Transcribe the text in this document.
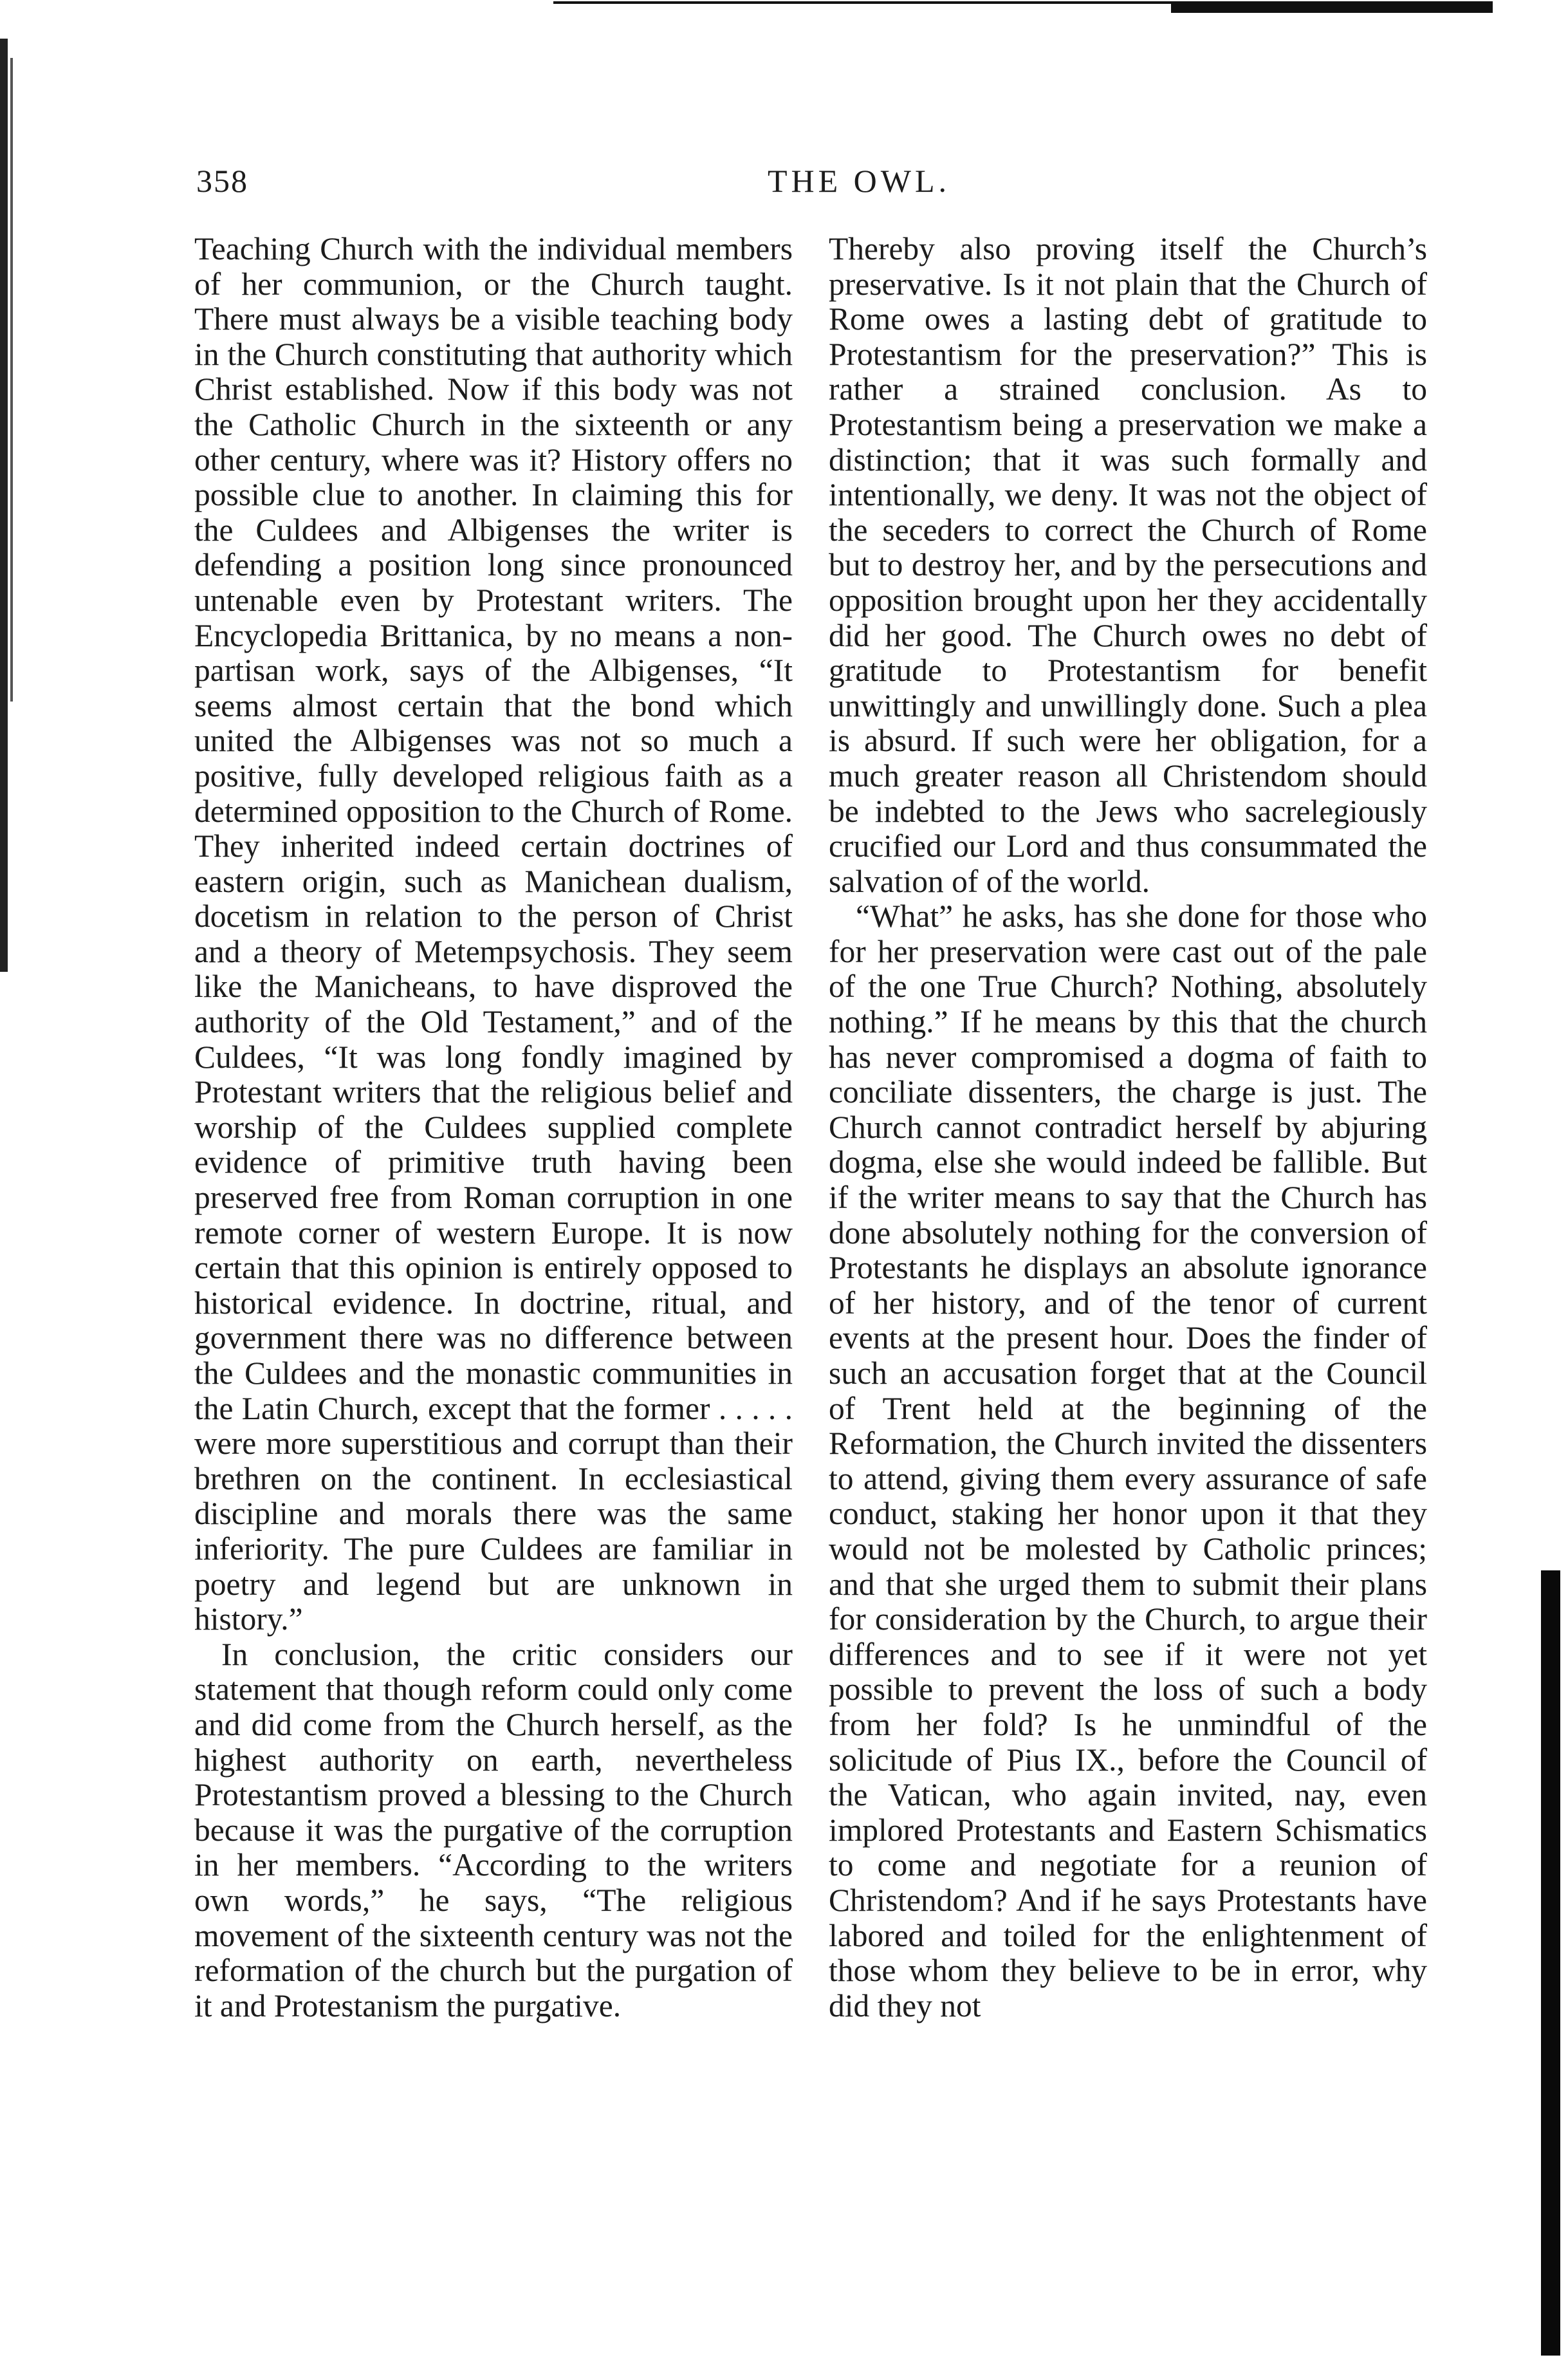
358	THE OWL.

Teaching Church with the individual members of her communion, or the Church taught. There must always be a visible teaching body in the Church constituting that authority which Christ established. Now if this body was not the Catholic Church in the sixteenth or any other century, where was it? History offers no possible clue to another. In claiming this for the Culdees and Albigenses the writer is defending a position long since pronounced untenable even by Protestant writers. The Encyclopedia Brittanica, by no means a non-partisan work, says of the Albigenses, “It seems almost certain that the bond which united the Albigenses was not so much a positive, fully developed religious faith as a determined opposition to the Church of Rome. They inherited indeed certain doctrines of eastern origin, such as Manichean dualism, docetism in relation to the person of Christ and a theory of Metempsychosis. They seem like the Manicheans, to have disproved the authority of the Old Testament,” and of the Culdees, “It was long fondly imagined by Protestant writers that the religious belief and worship of the Culdees supplied complete evidence of primitive truth having been preserved free from Roman corruption in one remote corner of western Europe. It is now certain that this opinion is entirely opposed to historical evidence. In doctrine, ritual, and government there was no difference between the Culdees and the monastic communities in the Latin Church, except that the former . . . . . were more superstitious and corrupt than their brethren on the continent. In ecclesiastical discipline and morals there was the same inferiority. The pure Culdees are familiar in poetry and legend but are unknown in history.”

In conclusion, the critic considers our statement that though reform could only come and did come from the Church herself, as the highest authority on earth, nevertheless Protestantism proved a blessing to the Church because it was the purgative of the corruption in her members. “According to the writers own words,” he says, “The religious movement of the sixteenth century was not the reformation of the church but the purgation of it and Protestanism the purgative.

Thereby also proving itself the Church’s preservative. Is it not plain that the Church of Rome owes a lasting debt of gratitude to Protestantism for the preservation?” This is rather a strained conclusion. As to Protestantism being a preservation we make a distinction; that it was such formally and intentionally, we deny. It was not the object of the seceders to correct the Church of Rome but to destroy her, and by the persecutions and opposition brought upon her they accidentally did her good. The Church owes no debt of gratitude to Protestantism for benefit unwittingly and unwillingly done. Such a plea is absurd. If such were her obligation, for a much greater reason all Christendom should be indebted to the Jews who sacrelegiously crucified our Lord and thus consummated the salvation of of the world.

“What” he asks, has she done for those who for her preservation were cast out of the pale of the one True Church? Nothing, absolutely nothing.” If he means by this that the church has never compromised a dogma of faith to conciliate dissenters, the charge is just. The Church cannot contradict herself by abjuring dogma, else she would indeed be fallible. But if the writer means to say that the Church has done absolutely nothing for the conversion of Protestants he displays an absolute ignorance of her history, and of the tenor of current events at the present hour. Does the finder of such an accusation forget that at the Council of Trent held at the beginning of the Reformation, the Church invited the dissenters to attend, giving them every assurance of safe conduct, staking her honor upon it that they would not be molested by Catholic princes; and that she urged them to submit their plans for consideration by the Church, to argue their differences and to see if it were not yet possible to prevent the loss of such a body from her fold? Is he unmindful of the solicitude of Pius IX., before the Council of the Vatican, who again invited, nay, even implored Protestants and Eastern Schismatics to come and negotiate for a reunion of Christendom? And if he says Protestants have labored and toiled for the enlightenment of those whom they believe to be in error, why did they not
